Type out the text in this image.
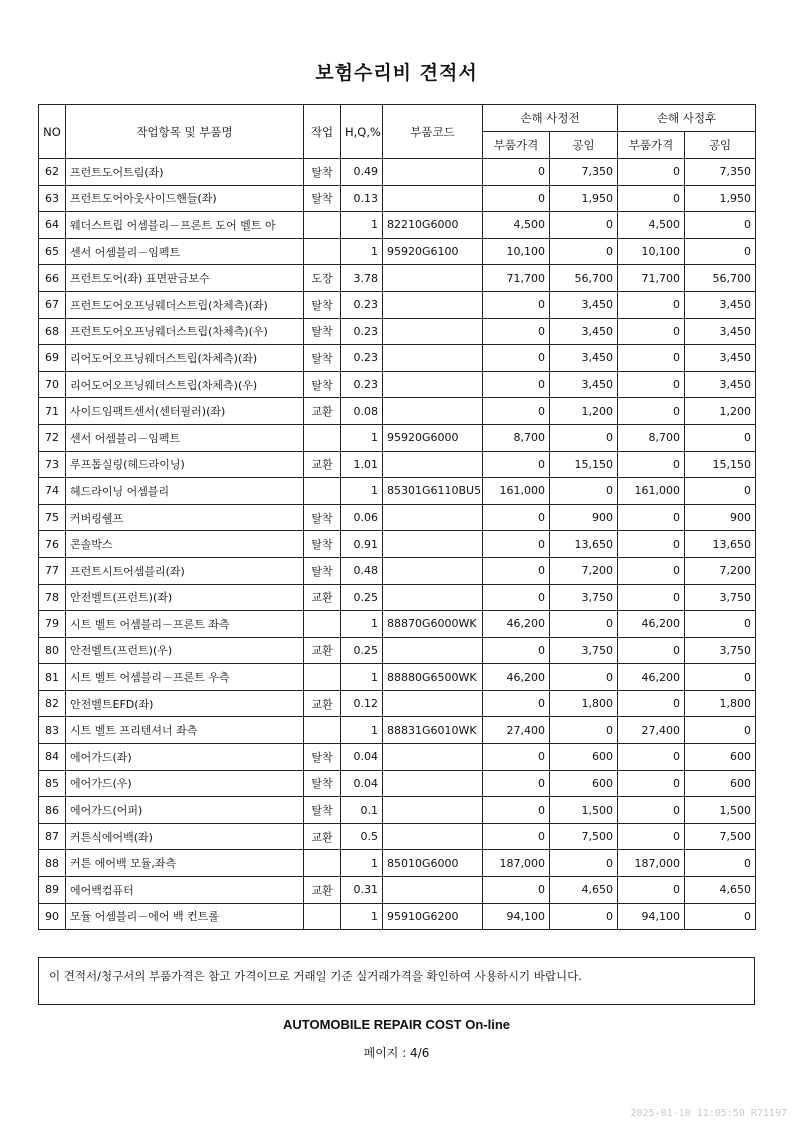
보험수리비 견적서
NO	작업항목 및 부품명	작업	H,Q,%	부품코드	손해 사정전		손해 사정후	
					부품가격	공임	부품가격	공임
62	프런트도어트림(좌)	탈착	0.49		0	7,350	0	7,350
63	프런트도어아웃사이드핸들(좌)	탈착	0.13		0	1,950	0	1,950
64	웨더스트립 어셈블리－프론트 도어 벨트 아		1	82210G6000	4,500	0	4,500	0
65	센서 어셈블리－임펙트		1	95920G6100	10,100	0	10,100	0
66	프런트도어(좌) 표면판금보수	도장	3.78		71,700	56,700	71,700	56,700
67	프런트도어오프닝웨더스트립(차체측)(좌)	탈착	0.23		0	3,450	0	3,450
68	프런트도어오프닝웨더스트립(차체측)(우)	탈착	0.23		0	3,450	0	3,450
69	리어도어오프닝웨더스트립(차체측)(좌)	탈착	0.23		0	3,450	0	3,450
70	리어도어오프닝웨더스트립(차체측)(우)	탈착	0.23		0	3,450	0	3,450
71	사이드임팩트센서(센터필러)(좌)	교환	0.08		0	1,200	0	1,200
72	센서 어셈블리－임펙트		1	95920G6000	8,700	0	8,700	0
73	루프톱실링(헤드라이닝)	교환	1.01		0	15,150	0	15,150
74	헤드라이닝 어셈블리		1	85301G6110BU5	161,000	0	161,000	0
75	커버링쉘프	탈착	0.06		0	900	0	900
76	콘솔박스	탈착	0.91		0	13,650	0	13,650
77	프런트시트어셈블리(좌)	탈착	0.48		0	7,200	0	7,200
78	안전벨트(프런트)(좌)	교환	0.25		0	3,750	0	3,750
79	시트 벨트 어셈블리－프론트 좌측		1	88870G6000WK	46,200	0	46,200	0
80	안전벨트(프런트)(우)	교환	0.25		0	3,750	0	3,750
81	시트 벨트 어셈블리－프론트 우측		1	88880G6500WK	46,200	0	46,200	0
82	안전벨트EFD(좌)	교환	0.12		0	1,800	0	1,800
83	시트 벨트 프리텐셔너 좌측		1	88831G6010WK	27,400	0	27,400	0
84	에어가드(좌)	탈착	0.04		0	600	0	600
85	에어가드(우)	탈착	0.04		0	600	0	600
86	에어가드(어퍼)	탈착	0.1		0	1,500	0	1,500
87	커튼식에어백(좌)	교환	0.5		0	7,500	0	7,500
88	커튼 에어백 모듈,좌측		1	85010G6000	187,000	0	187,000	0
89	에어백컴퓨터	교환	0.31		0	4,650	0	4,650
90	모듈 어셈블리－에어 백 컨트롤		1	95910G6200	94,100	0	94,100	0
이 견적서/청구서의 부품가격은 참고 가격이므로 거래일 기준 실거래가격을 확인하여 사용하시기 바랍니다.
AUTOMOBILE REPAIR COST On-line
페이지 : 4/6
2025-01-10 11:05:50 R71197
